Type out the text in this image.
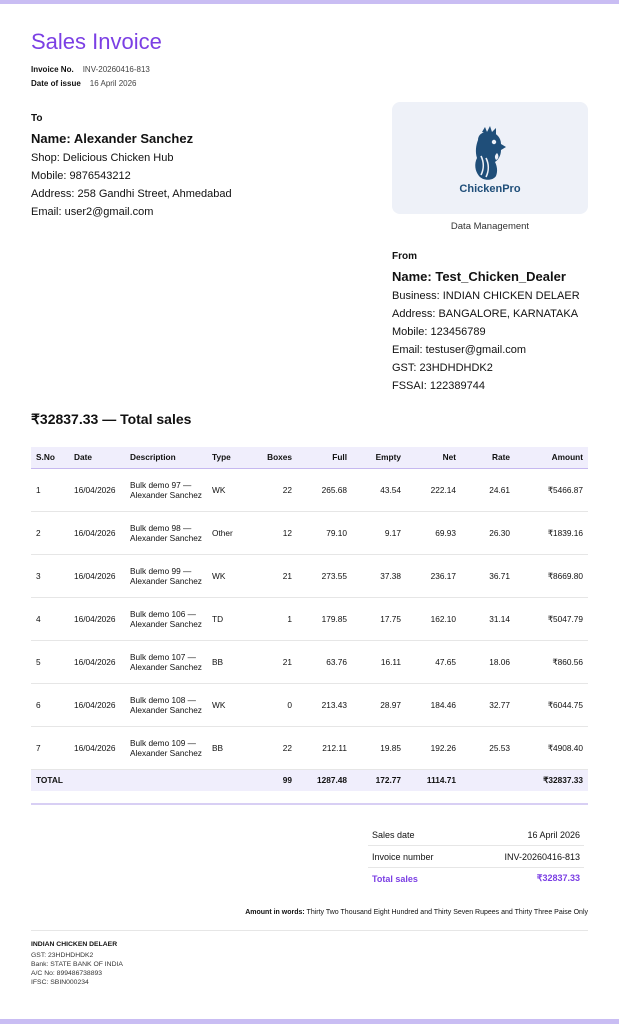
Sales Invoice
Invoice No. INV-20260416-813
Date of issue 16 April 2026
To
Name: Alexander Sanchez
Shop: Delicious Chicken Hub
Mobile: 9876543212
Address: 258 Gandhi Street, Ahmedabad
Email: user2@gmail.com
ChickenPro
Data Management
From
Name: Test_Chicken_Dealer
Business: INDIAN CHICKEN DELAER
Address: BANGALORE, KARNATAKA
Mobile: 123456789
Email: testuser@gmail.com
GST: 23HDHDHDK2
FSSAI: 122389744
₹32837.33 — Total sales
S.No	Date	Description	Type	Boxes	Full	Empty	Net	Rate	Amount
1	16/04/2026	Bulk demo 97 — Alexander Sanchez	WK	22	265.68	43.54	222.14	24.61	₹5466.87
2	16/04/2026	Bulk demo 98 — Alexander Sanchez	Other	12	79.10	9.17	69.93	26.30	₹1839.16
3	16/04/2026	Bulk demo 99 — Alexander Sanchez	WK	21	273.55	37.38	236.17	36.71	₹8669.80
4	16/04/2026	Bulk demo 106 — Alexander Sanchez	TD	1	179.85	17.75	162.10	31.14	₹5047.79
5	16/04/2026	Bulk demo 107 — Alexander Sanchez	BB	21	63.76	16.11	47.65	18.06	₹860.56
6	16/04/2026	Bulk demo 108 — Alexander Sanchez	WK	0	213.43	28.97	184.46	32.77	₹6044.75
7	16/04/2026	Bulk demo 109 — Alexander Sanchez	BB	22	212.11	19.85	192.26	25.53	₹4908.40
TOTAL				99	1287.48	172.77	1114.71		₹32837.33
Sales date	16 April 2026
Invoice number	INV-20260416-813
Total sales	₹32837.33
Amount in words: Thirty Two Thousand Eight Hundred and Thirty Seven Rupees and Thirty Three Paise Only
INDIAN CHICKEN DELAER
GST: 23HDHDHDK2
Bank: STATE BANK OF INDIA
A/C No: 899486738893
IFSC: SBIN000234
